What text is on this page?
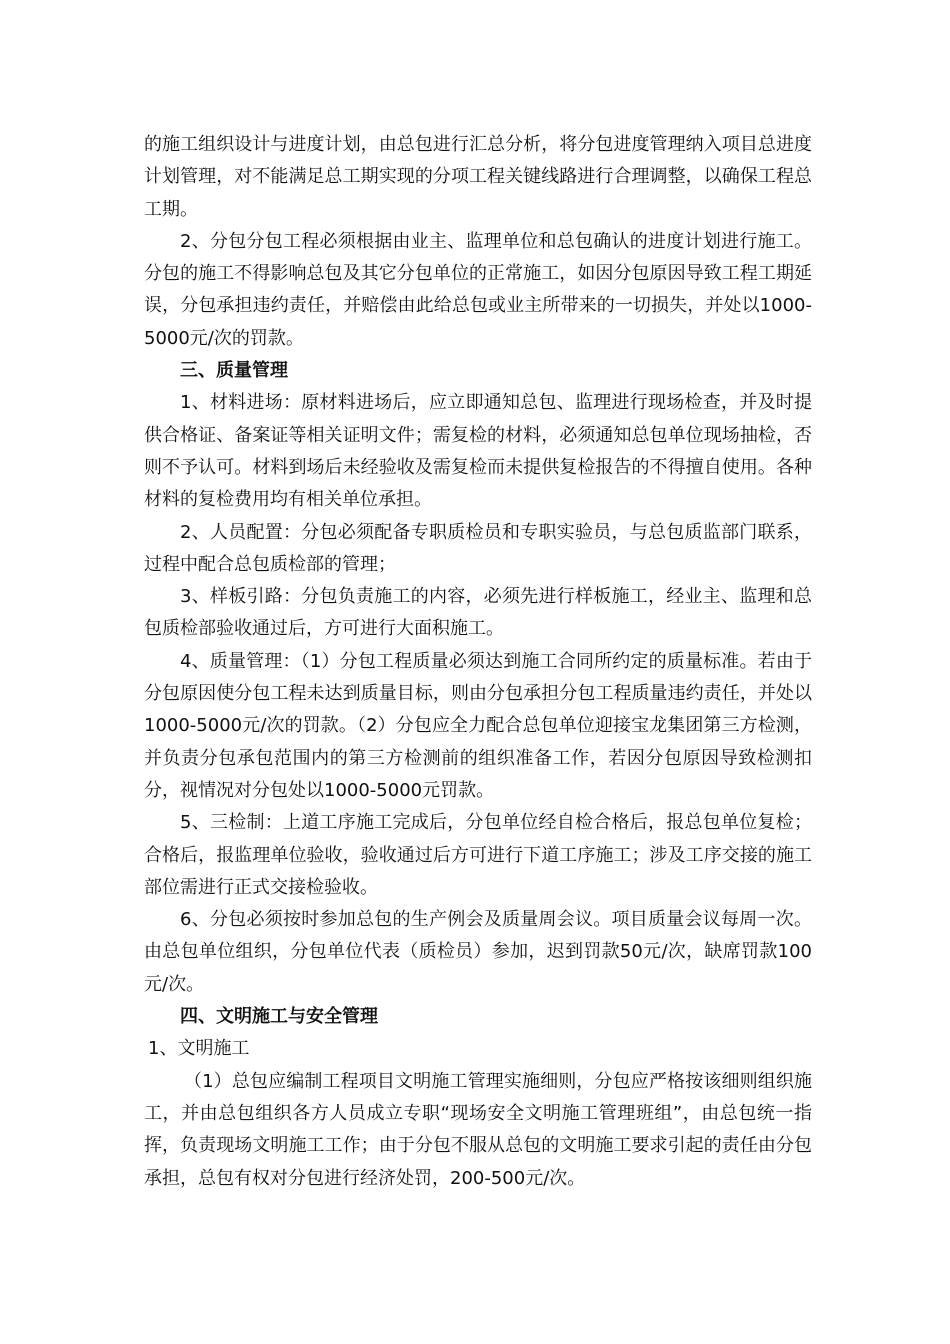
的施工组织设计与进度计划，由总包进行汇总分析，将分包进度管理纳入项目总进度计划管理，对不能满足总工期实现的分项工程关键线路进行合理调整，以确保工程总工期。

2、分包分包工程必须根据由业主、监理单位和总包确认的进度计划进行施工。分包的施工不得影响总包及其它分包单位的正常施工，如因分包原因导致工程工期延误，分包承担违约责任，并赔偿由此给总包或业主所带来的一切损失，并处以1000-5000元/次的罚款。

三、质量管理

1、材料进场：原材料进场后，应立即通知总包、监理进行现场检查，并及时提供合格证、备案证等相关证明文件；需复检的材料，必须通知总包单位现场抽检，否则不予认可。材料到场后未经验收及需复检而未提供复检报告的不得擅自使用。各种材料的复检费用均有相关单位承担。

2、人员配置：分包必须配备专职质检员和专职实验员，与总包质监部门联系，过程中配合总包质检部的管理；

3、样板引路：分包负责施工的内容，必须先进行样板施工，经业主、监理和总包质检部验收通过后，方可进行大面积施工。

4、质量管理：（1）分包工程质量必须达到施工合同所约定的质量标准。若由于分包原因使分包工程未达到质量目标，则由分包承担分包工程质量违约责任，并处以1000-5000元/次的罚款。（2）分包应全力配合总包单位迎接宝龙集团第三方检测，并负责分包承包范围内的第三方检测前的组织准备工作，若因分包原因导致检测扣分，视情况对分包处以1000-5000元罚款。

5、三检制：上道工序施工完成后，分包单位经自检合格后，报总包单位复检；合格后，报监理单位验收，验收通过后方可进行下道工序施工；涉及工序交接的施工部位需进行正式交接检验收。

6、分包必须按时参加总包的生产例会及质量周会议。项目质量会议每周一次。由总包单位组织，分包单位代表（质检员）参加，迟到罚款50元/次，缺席罚款100元/次。

四、文明施工与安全管理

1、文明施工

（1）总包应编制工程项目文明施工管理实施细则，分包应严格按该细则组织施工，并由总包组织各方人员成立专职“现场安全文明施工管理班组”，由总包统一指挥，负责现场文明施工工作；由于分包不服从总包的文明施工要求引起的责任由分包承担，总包有权对分包进行经济处罚，200-500元/次。
